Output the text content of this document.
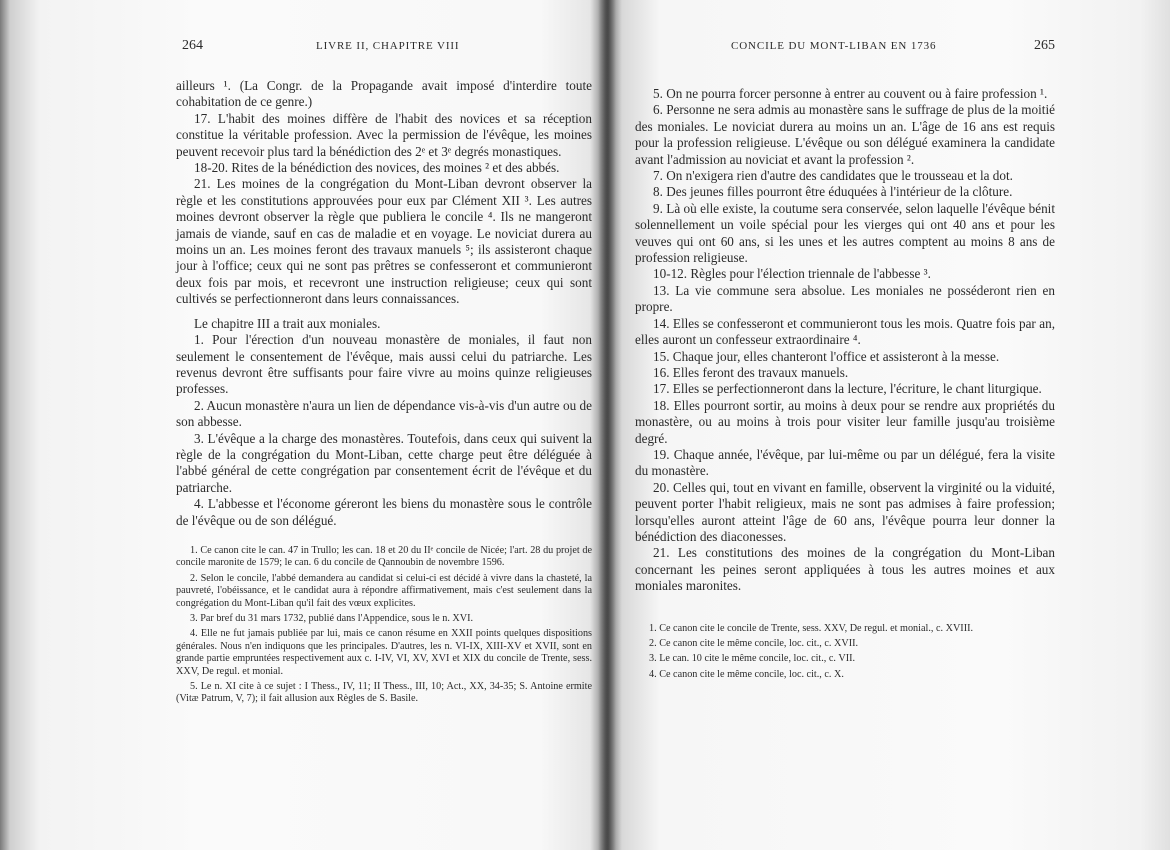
264	LIVRE II, CHAPITRE VIII

ailleurs ¹. (La Congr. de la Propagande avait imposé d'interdire toute cohabitation de ce genre.)

17. L'habit des moines diffère de l'habit des novices et sa réception constitue la véritable profession. Avec la permission de l'évêque, les moines peuvent recevoir plus tard la bénédiction des 2ᵉ et 3ᵉ degrés monastiques.

18-20. Rites de la bénédiction des novices, des moines ² et des abbés.

21. Les moines de la congrégation du Mont-Liban devront observer la règle et les constitutions approuvées pour eux par Clément XII ³. Les autres moines devront observer la règle que publiera le concile ⁴. Ils ne mangeront jamais de viande, sauf en cas de maladie et en voyage. Le noviciat durera au moins un an. Les moines feront des travaux manuels ⁵; ils assisteront chaque jour à l'office; ceux qui ne sont pas prêtres se confesseront et communieront deux fois par mois, et recevront une instruction religieuse; ceux qui sont cultivés se perfectionneront dans leurs connaissances.

Le chapitre III a trait aux moniales.

1. Pour l'érection d'un nouveau monastère de moniales, il faut non seulement le consentement de l'évêque, mais aussi celui du patriarche. Les revenus devront être suffisants pour faire vivre au moins quinze religieuses professes.

2. Aucun monastère n'aura un lien de dépendance vis-à-vis d'un autre ou de son abbesse.

3. L'évêque a la charge des monastères. Toutefois, dans ceux qui suivent la règle de la congrégation du Mont-Liban, cette charge peut être déléguée à l'abbé général de cette congrégation par consentement écrit de l'évêque et du patriarche.

4. L'abbesse et l'économe géreront les biens du monastère sous le contrôle de l'évêque ou de son délégué.

1. Ce canon cite le can. 47 in Trullo; les can. 18 et 20 du IIᵉ concile de Nicée; l'art. 28 du projet de concile maronite de 1579; le can. 6 du concile de Qannoubin de novembre 1596.

2. Selon le concile, l'abbé demandera au candidat si celui-ci est décidé à vivre dans la chasteté, la pauvreté, l'obéissance, et le candidat aura à répondre affirmativement, mais c'est seulement dans la congrégation du Mont-Liban qu'il fait des vœux explicites.

3. Par bref du 31 mars 1732, publié dans l'Appendice, sous le n. XVI.

4. Elle ne fut jamais publiée par lui, mais ce canon résume en XXII points quelques dispositions générales. Nous n'en indiquons que les principales. D'autres, les n. VI-IX, XIII-XV et XVII, sont en grande partie empruntées respectivement aux c. I-IV, VI, XV, XVI et XIX du concile de Trente, sess. XXV, De regul. et monial.

5. Le n. XI cite à ce sujet : I Thess., IV, 11; II Thess., III, 10; Act., XX, 34-35; S. Antoine ermite (Vitæ Patrum, V, 7); il fait allusion aux Règles de S. Basile.

CONCILE DU MONT-LIBAN EN 1736	265

5. On ne pourra forcer personne à entrer au couvent ou à faire profession ¹.

6. Personne ne sera admis au monastère sans le suffrage de plus de la moitié des moniales. Le noviciat durera au moins un an. L'âge de 16 ans est requis pour la profession religieuse. L'évêque ou son délégué examinera la candidate avant l'admission au noviciat et avant la profession ².

7. On n'exigera rien d'autre des candidates que le trousseau et la dot.

8. Des jeunes filles pourront être éduquées à l'intérieur de la clôture.

9. Là où elle existe, la coutume sera conservée, selon laquelle l'évêque bénit solennellement un voile spécial pour les vierges qui ont 40 ans et pour les veuves qui ont 60 ans, si les unes et les autres comptent au moins 8 ans de profession religieuse.

10-12. Règles pour l'élection triennale de l'abbesse ³.

13. La vie commune sera absolue. Les moniales ne posséderont rien en propre.

14. Elles se confesseront et communieront tous les mois. Quatre fois par an, elles auront un confesseur extraordinaire ⁴.

15. Chaque jour, elles chanteront l'office et assisteront à la messe.

16. Elles feront des travaux manuels.

17. Elles se perfectionneront dans la lecture, l'écriture, le chant liturgique.

18. Elles pourront sortir, au moins à deux pour se rendre aux propriétés du monastère, ou au moins à trois pour visiter leur famille jusqu'au troisième degré.

19. Chaque année, l'évêque, par lui-même ou par un délégué, fera la visite du monastère.

20. Celles qui, tout en vivant en famille, observent la virginité ou la viduité, peuvent porter l'habit religieux, mais ne sont pas admises à faire profession; lorsqu'elles auront atteint l'âge de 60 ans, l'évêque pourra leur donner la bénédiction des diaconesses.

21. Les constitutions des moines de la congrégation du Mont-Liban concernant les peines seront appliquées à tous les autres moines et aux moniales maronites.

1. Ce canon cite le concile de Trente, sess. XXV, De regul. et monial., c. XVIII.

2. Ce canon cite le même concile, loc. cit., c. XVII.

3. Le can. 10 cite le même concile, loc. cit., c. VII.

4. Ce canon cite le même concile, loc. cit., c. X.
